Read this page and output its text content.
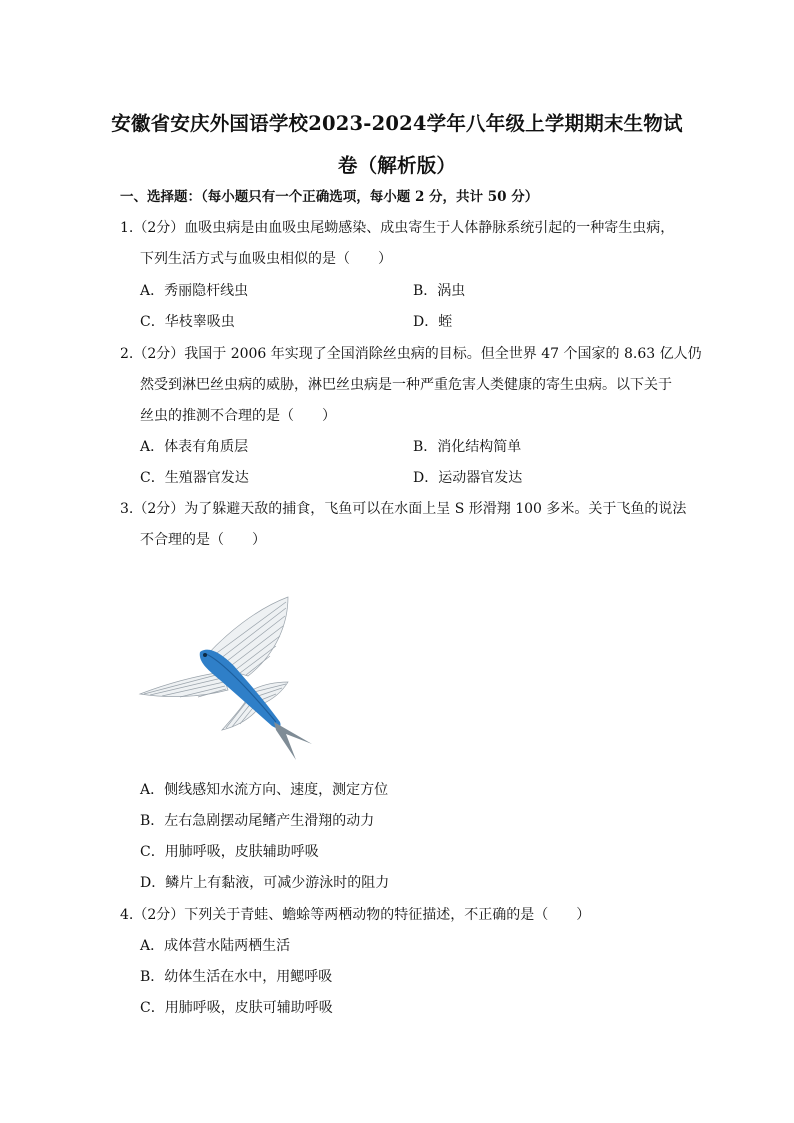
安徽省安庆外国语学校2023-2024学年八年级上学期期末生物试
卷（解析版）
一、选择题：（每小题只有一个正确选项，每小题 2 分，共计 50 分）
1.（2分）血吸虫病是由血吸虫尾蚴感染、成虫寄生于人体静脉系统引起的一种寄生虫病，
下列生活方式与血吸虫相似的是（　　）
A．秀丽隐杆线虫	B．涡虫
C．华枝睾吸虫	D．蛭
2.（2分）我国于 2006 年实现了全国消除丝虫病的目标。但全世界 47 个国家的 8.63 亿人仍
然受到淋巴丝虫病的威胁，淋巴丝虫病是一种严重危害人类健康的寄生虫病。以下关于
丝虫的推测不合理的是（　　）
A．体表有角质层	B．消化结构简单
C．生殖器官发达	D．运动器官发达
3.（2分）为了躲避天敌的捕食，飞鱼可以在水面上呈 S 形滑翔 100 多米。关于飞鱼的说法
不合理的是（　　）
A．侧线感知水流方向、速度，测定方位
B．左右急剧摆动尾鳍产生滑翔的动力
C．用肺呼吸，皮肤辅助呼吸
D．鳞片上有黏液，可减少游泳时的阻力
4.（2分）下列关于青蛙、蟾蜍等两栖动物的特征描述，不正确的是（　　）
A．成体营水陆两栖生活
B．幼体生活在水中，用鳃呼吸
C．用肺呼吸，皮肤可辅助呼吸
